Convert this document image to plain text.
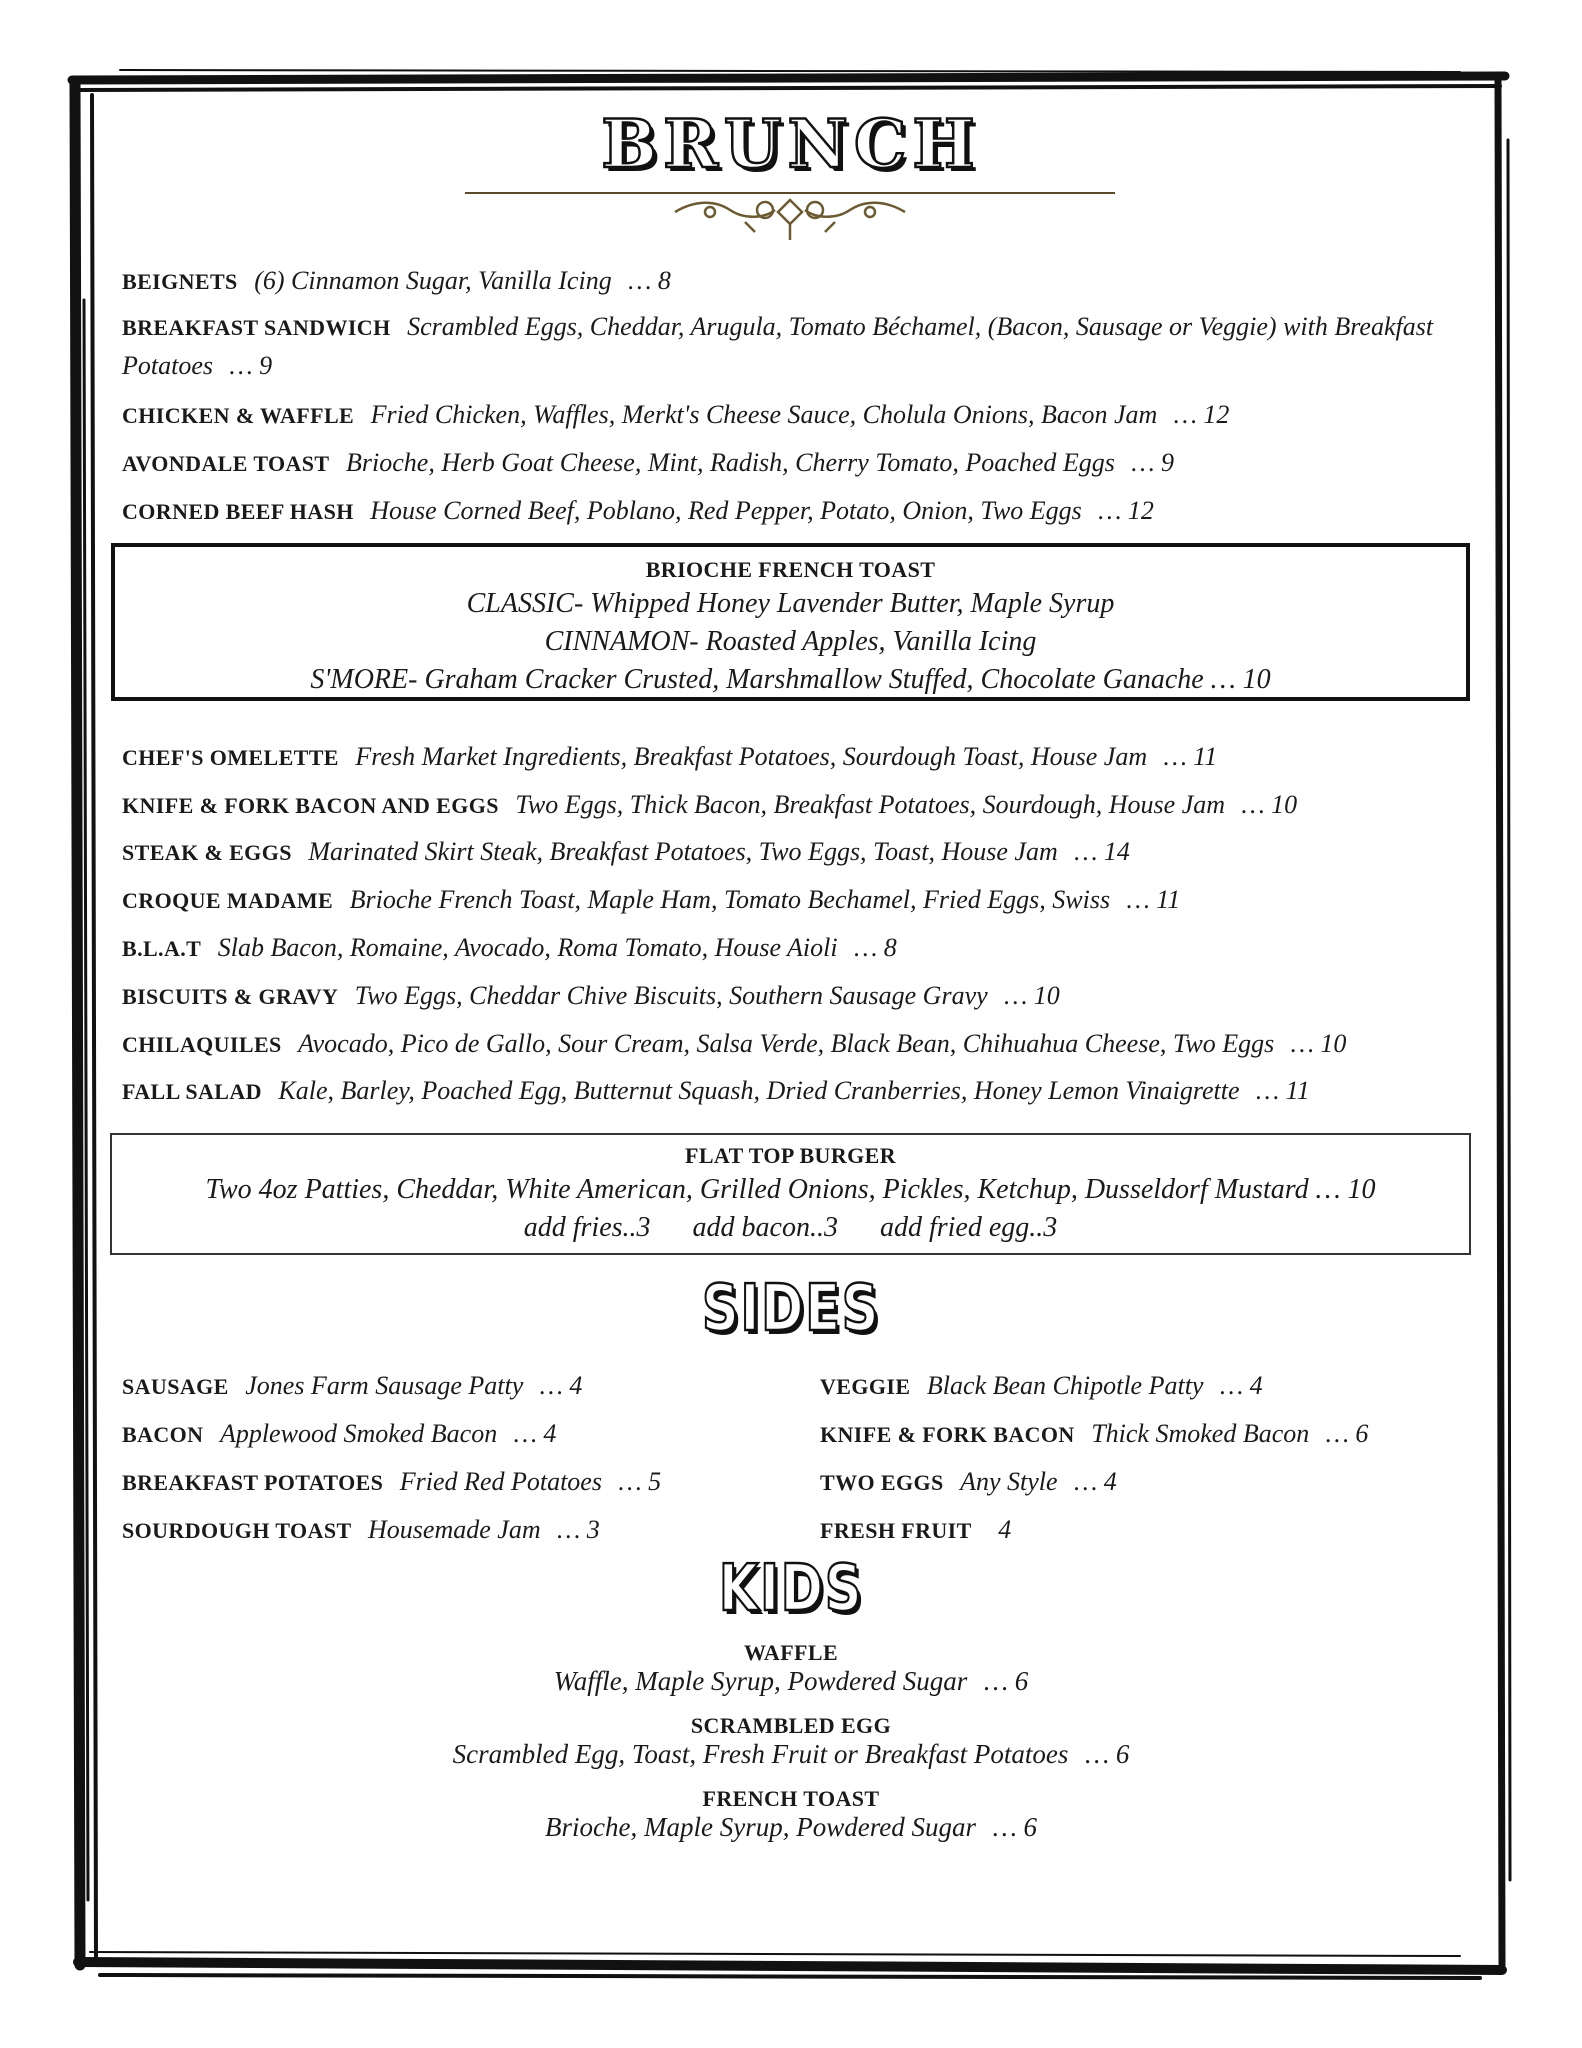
BRUNCH
BEIGNETS (6) Cinnamon Sugar, Vanilla Icing … 8
BREAKFAST SANDWICH Scrambled Eggs, Cheddar, Arugula, Tomato Béchamel, (Bacon, Sausage or Veggie) with Breakfast Potatoes … 9
CHICKEN & WAFFLE Fried Chicken, Waffles, Merkt's Cheese Sauce, Cholula Onions, Bacon Jam … 12
AVONDALE TOAST Brioche, Herb Goat Cheese, Mint, Radish, Cherry Tomato, Poached Eggs … 9
CORNED BEEF HASH House Corned Beef, Poblano, Red Pepper, Potato, Onion, Two Eggs … 12
BRIOCHE FRENCH TOAST
CLASSIC- Whipped Honey Lavender Butter, Maple Syrup
CINNAMON- Roasted Apples, Vanilla Icing
S'MORE- Graham Cracker Crusted, Marshmallow Stuffed, Chocolate Ganache … 10
CHEF'S OMELETTE Fresh Market Ingredients, Breakfast Potatoes, Sourdough Toast, House Jam … 11
KNIFE & FORK BACON AND EGGS Two Eggs, Thick Bacon, Breakfast Potatoes, Sourdough, House Jam … 10
STEAK & EGGS Marinated Skirt Steak, Breakfast Potatoes, Two Eggs, Toast, House Jam … 14
CROQUE MADAME Brioche French Toast, Maple Ham, Tomato Bechamel, Fried Eggs, Swiss … 11
B.L.A.T Slab Bacon, Romaine, Avocado, Roma Tomato, House Aioli … 8
BISCUITS & GRAVY Two Eggs, Cheddar Chive Biscuits, Southern Sausage Gravy … 10
CHILAQUILES Avocado, Pico de Gallo, Sour Cream, Salsa Verde, Black Bean, Chihuahua Cheese, Two Eggs … 10
FALL SALAD Kale, Barley, Poached Egg, Butternut Squash, Dried Cranberries, Honey Lemon Vinaigrette … 11
FLAT TOP BURGER
Two 4oz Patties, Cheddar, White American, Grilled Onions, Pickles, Ketchup, Dusseldorf Mustard … 10
add fries..3      add bacon..3      add fried egg..3
SIDES
SAUSAGE Jones Farm Sausage Patty … 4
BACON Applewood Smoked Bacon … 4
BREAKFAST POTATOES Fried Red Potatoes … 5
SOURDOUGH TOAST Housemade Jam … 3
VEGGIE Black Bean Chipotle Patty … 4
KNIFE & FORK BACON Thick Smoked Bacon … 6
TWO EGGS Any Style … 4
FRESH FRUIT 4
KIDS
WAFFLE
Waffle, Maple Syrup, Powdered Sugar … 6
SCRAMBLED EGG
Scrambled Egg, Toast, Fresh Fruit or Breakfast Potatoes … 6
FRENCH TOAST
Brioche, Maple Syrup, Powdered Sugar … 6
